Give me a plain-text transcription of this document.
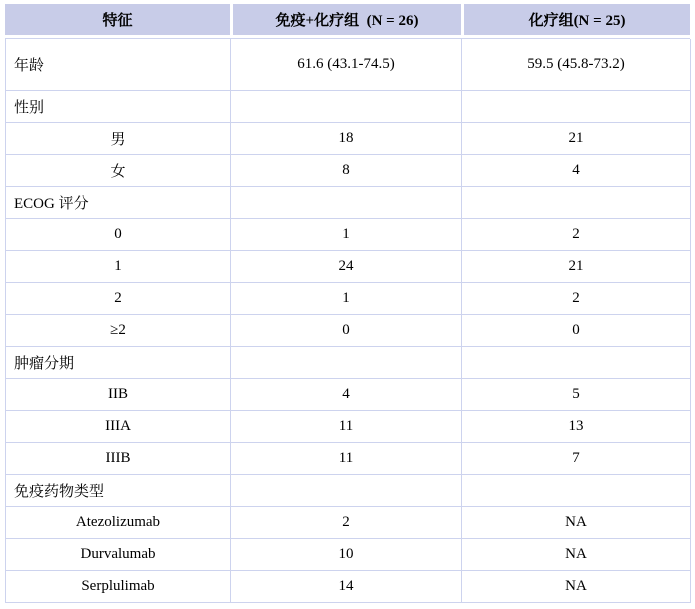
特征	免疫+化疗组  (N = 26)	化疗组(N = 25)
年龄	61.6 (43.1-74.5)	59.5 (45.8-73.2)
性别
男	18	21
女	8	4
ECOG 评分
0	1	2
1	24	21
2	1	2
≥2	0	0
肿瘤分期
IIB	4	5
IIIA	11	13
IIIB	11	7
免疫药物类型
Atezolizumab	2	NA
Durvalumab	10	NA
Serplulimab	14	NA
